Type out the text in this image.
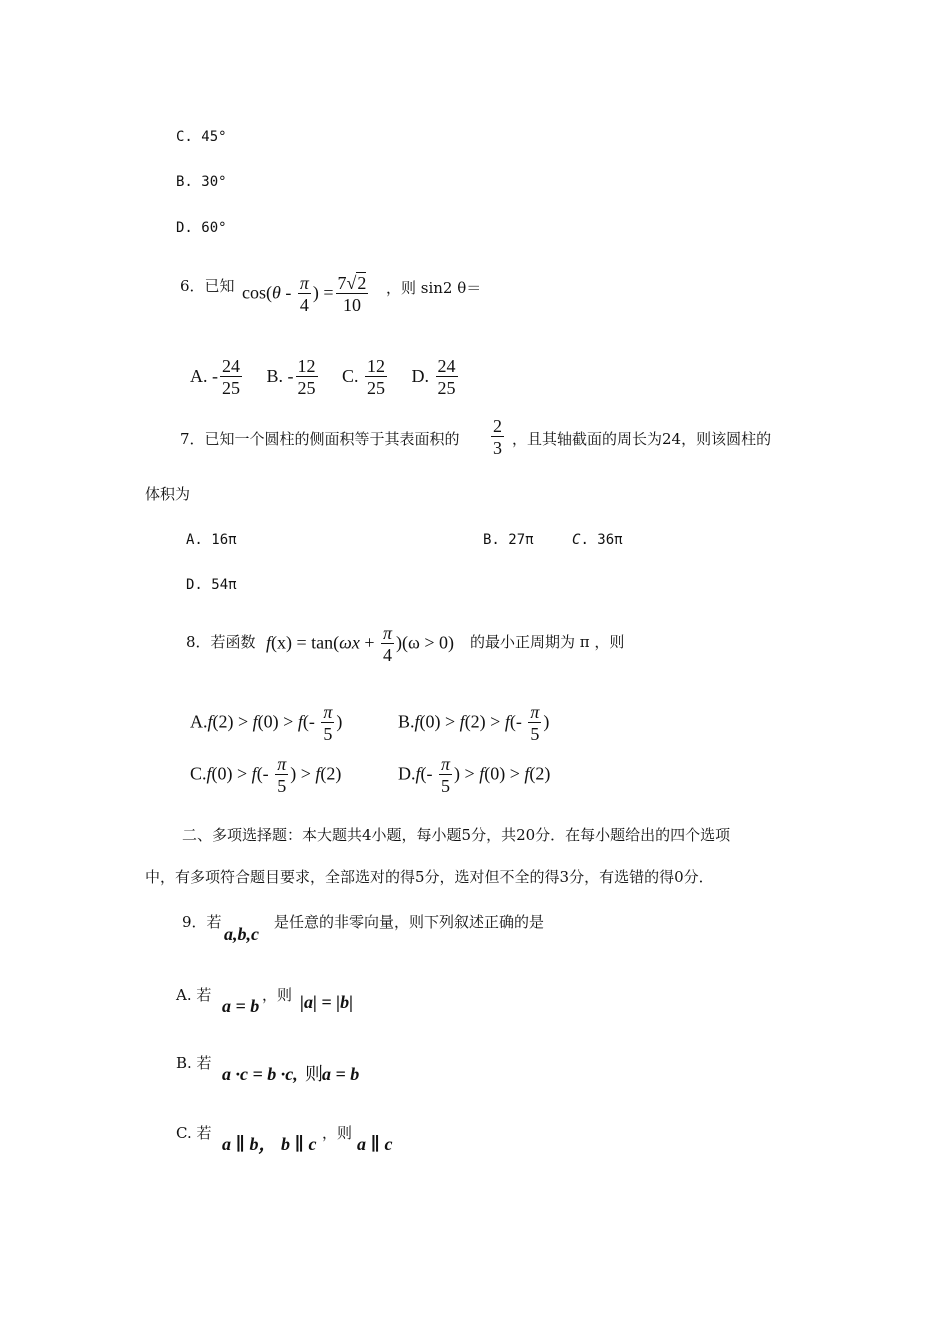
C. 45°
B. 30°
D. 60°
6．已知 $\cos(\theta - \frac{\pi}{4}$ ) = $\frac{7√2}{10}$ ，则 sin2 θ＝
A. - $\frac{24}{25} B$. - $\frac{12}{25} C$. $\frac{12}{25} D$. $\frac{24}{25}$
7．已知一个圆柱的侧面积等于其表面积的 $\frac{2}{3}$ ，且其轴截面的周长为24，则该圆柱的
体积为
A. 16π	B. 27π	C. 36π
D. 54π
8．若函数 $f(x) = \tan(\omega x + \frac{\pi}{4} )(\omega > 0)$ 的最小正周期为 π ，则
$A.f(2) > f(0) > f(- \frac{\pi}{5}$ )	$B.f(0) > f(2) > f(- \frac{\pi}{5}$ )
$C.f(0) > f(- \frac{\pi}{5}$ ) > f(2)	$D.f(- \frac{\pi}{5}$ ) > f(0) > f(2)
二、多项选择题：本大题共4小题，每小题5分，共20分．在每小题给出的四个选项
中，有多项符合题目要求，全部选对的得5分，选对但不全的得3分，有选错的得0分．
9．若
a,b,c
是任意的非零向量，则下列叙述正确的是
A. 若
a = b
，则 |a| = |b|
B. 若
a ·c = b ·c, 则 a = b
C. 若
a ∥ b， b ∥ c
，则
a ∥ c
